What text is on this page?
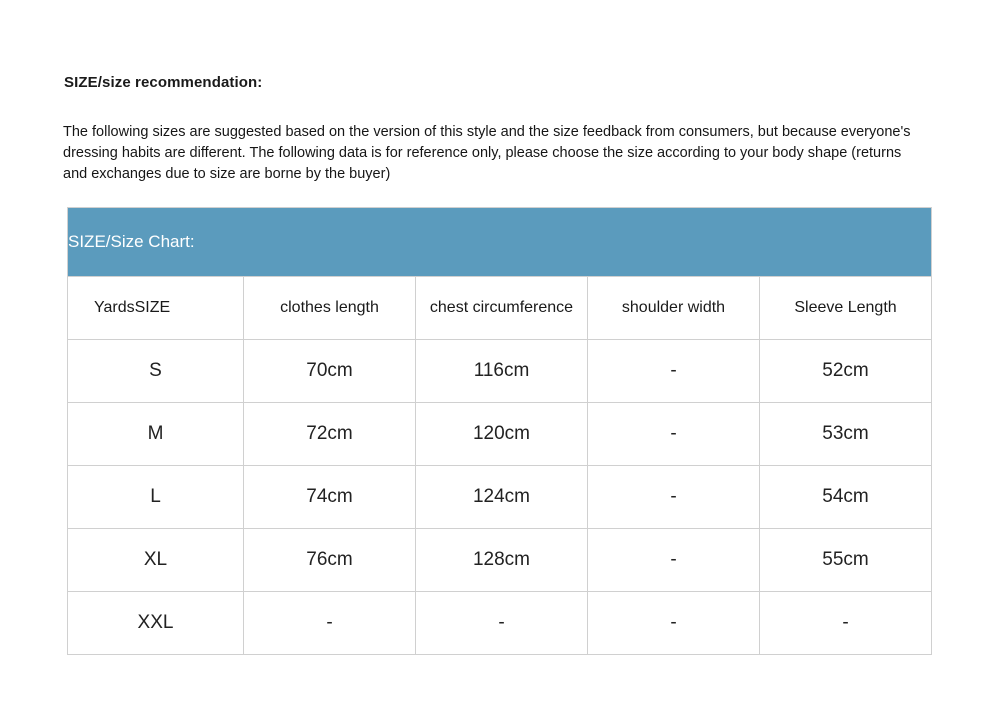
SIZE/size recommendation:
The following sizes are suggested based on the version of this style and the size feedback from consumers, but because everyone's dressing habits are different. The following data is for reference only, please choose the size according to your body shape (returns and exchanges due to size are borne by the buyer)
SIZE/Size Chart:				
YardsSIZE	clothes length	chest circumference	shoulder width	Sleeve Length
S	70cm	116cm	-	52cm
M	72cm	120cm	-	53cm
L	74cm	124cm	-	54cm
XL	76cm	128cm	-	55cm
XXL	-	-	-	-
